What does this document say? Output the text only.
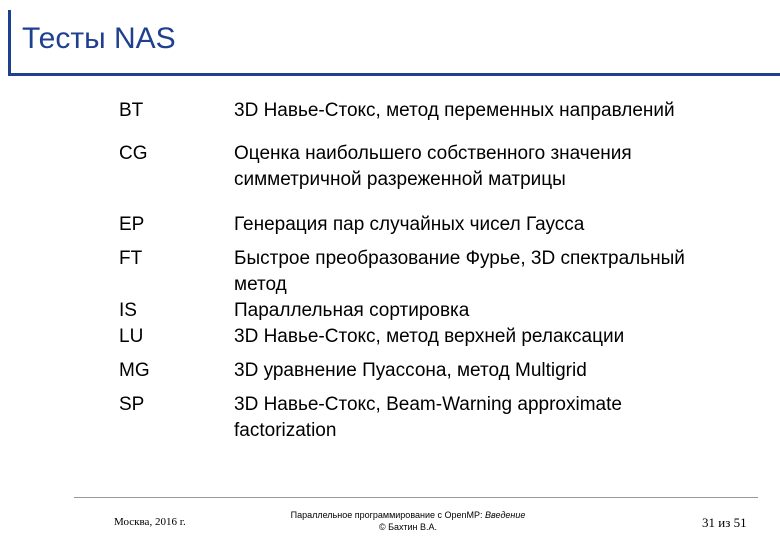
Тесты NAS
BT	3D Навье-Стокс, метод переменных направлений
CG	Оценка наибольшего собственного значения
симметричной разреженной матрицы
EP	Генерация пар случайных чисел Гаусса
FT	Быстрое преобразование Фурье, 3D спектральный
метод
IS	Параллельная сортировка
LU	3D Навье-Стокс, метод верхней релаксации
MG	3D уравнение Пуассона, метод Multigrid
SP	3D Навье-Стокс, Beam-Warning approximate
factorization
Москва, 2016 г.
Параллельное программирование с OpenMP: Введение
© Бахтин В.А.	31 из 51
